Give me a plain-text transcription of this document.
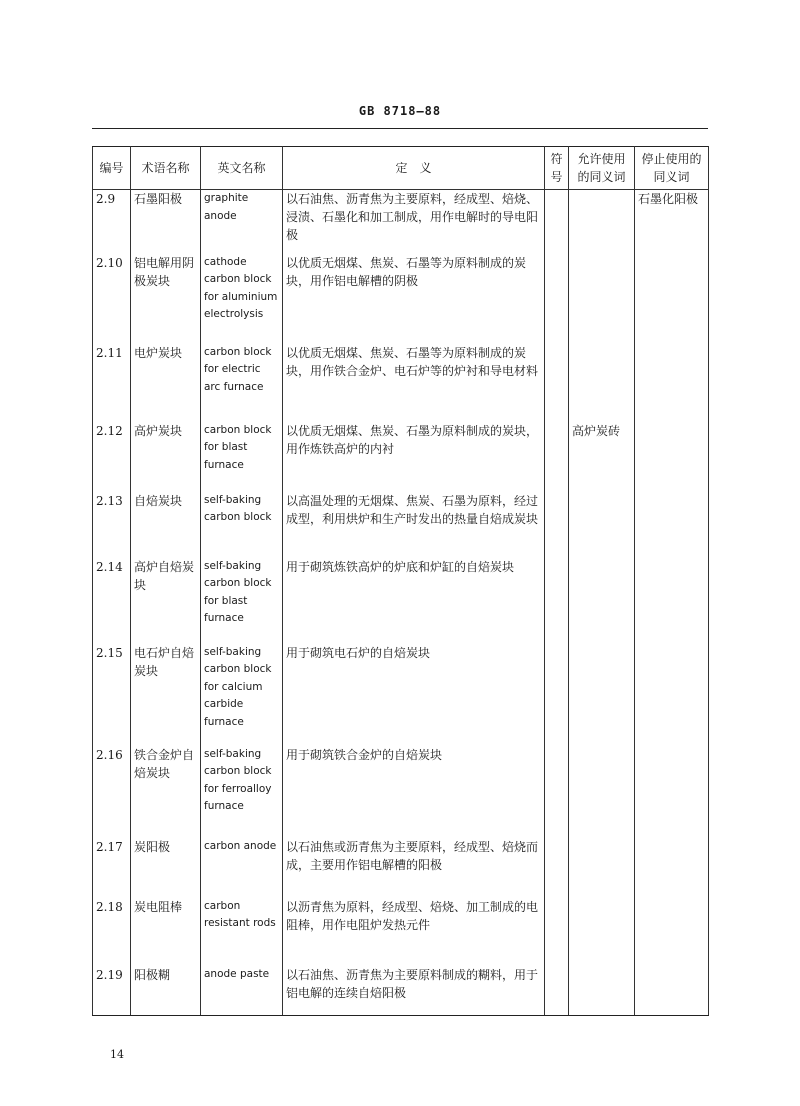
GB 8718—88
编号	术语名称	英文名称	定　义	符号	允许使用的同义词	停止使用的同义词
2.9	石墨阳极	graphite anode	以石油焦、沥青焦为主要原料，经成型、焙烧、浸渍、石墨化和加工制成，用作电解时的导电阳极			石墨化阳极
2.10	铝电解用阴极炭块	cathode carbon block for aluminium electrolysis	以优质无烟煤、焦炭、石墨等为原料制成的炭块，用作铝电解槽的阴极			
2.11	电炉炭块	carbon block for electric arc furnace	以优质无烟煤、焦炭、石墨等为原料制成的炭块，用作铁合金炉、电石炉等的炉衬和导电材料			
2.12	高炉炭块	carbon block for blast furnace	以优质无烟煤、焦炭、石墨为原料制成的炭块，用作炼铁高炉的内衬		高炉炭砖	
2.13	自焙炭块	self-baking carbon block	以高温处理的无烟煤、焦炭、石墨为原料，经过成型，利用烘炉和生产时发出的热量自焙成炭块			
2.14	高炉自焙炭块	self-baking carbon block for blast furnace	用于砌筑炼铁高炉的炉底和炉缸的自焙炭块			
2.15	电石炉自焙炭块	self-baking carbon block for calcium carbide furnace	用于砌筑电石炉的自焙炭块			
2.16	铁合金炉自焙炭块	self-baking carbon block for ferroalloy furnace	用于砌筑铁合金炉的自焙炭块			
2.17	炭阳极	carbon anode	以石油焦或沥青焦为主要原料，经成型、焙烧而成，主要用作铝电解槽的阳极			
2.18	炭电阻棒	carbon resistant rods	以沥青焦为原料，经成型、焙烧、加工制成的电阻棒，用作电阻炉发热元件			
2.19	阳极糊	anode paste	以石油焦、沥青焦为主要原料制成的糊料，用于铝电解的连续自焙阳极			
14
